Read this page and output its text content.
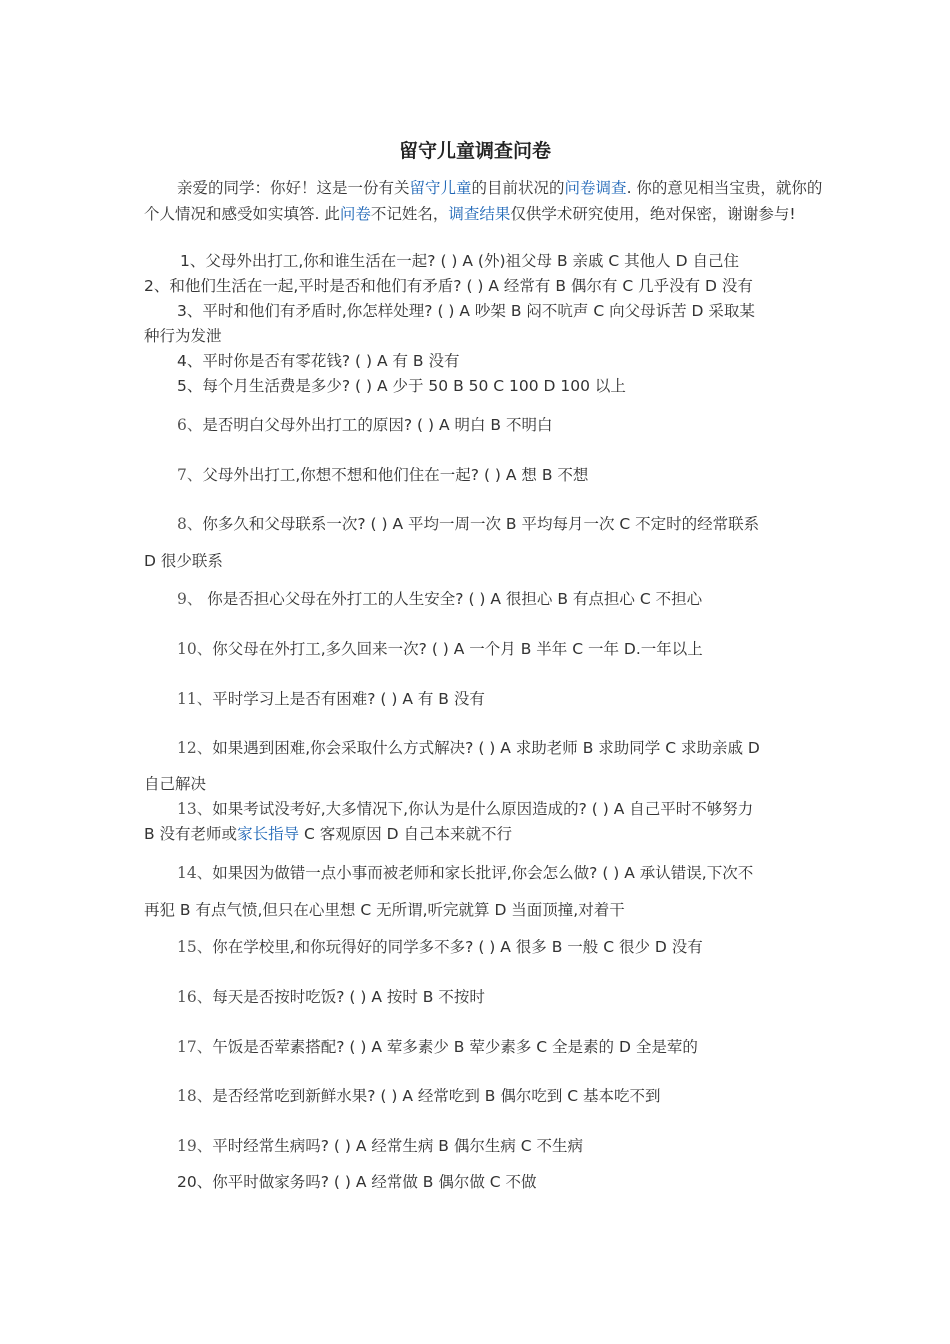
留守儿童调查问卷
亲爱的同学：你好！这是一份有关留守儿童的目前状况的问卷调查. 你的意见相当宝贵，就你的个人情况和感受如实填答. 此问卷不记姓名，调查结果仅供学术研究使用，绝对保密，谢谢参与!
1、父母外出打工,你和谁生活在一起? ( ) A (外)祖父母 B 亲戚 C 其他人 D 自己住
2、和他们生活在一起,平时是否和他们有矛盾? ( ) A 经常有 B 偶尔有 C 几乎没有 D 没有
3、平时和他们有矛盾时,你怎样处理? ( ) A 吵架 B 闷不吭声 C 向父母诉苦 D 采取某
种行为发泄
4、平时你是否有零花钱? ( ) A 有 B 没有
5、每个月生活费是多少? ( ) A 少于 50 B 50 C 100 D 100 以上
6、是否明白父母外出打工的原因? ( ) A 明白 B 不明白
7、父母外出打工,你想不想和他们住在一起? ( ) A 想 B 不想
8、你多久和父母联系一次? ( ) A 平均一周一次 B 平均每月一次 C 不定时的经常联系
D 很少联系
9、 你是否担心父母在外打工的人生安全? ( ) A 很担心 B 有点担心 C 不担心
10、你父母在外打工,多久回来一次? ( ) A 一个月 B 半年 C 一年 D.一年以上
11、平时学习上是否有困难? ( ) A 有 B 没有
12、如果遇到困难,你会采取什么方式解决? ( ) A 求助老师 B 求助同学 C 求助亲戚 D
自己解决
13、如果考试没考好,大多情况下,你认为是什么原因造成的? ( ) A 自己平时不够努力
B 没有老师或家长指导 C 客观原因 D 自己本来就不行
14、如果因为做错一点小事而被老师和家长批评,你会怎么做? ( ) A 承认错误,下次不
再犯 B 有点气愤,但只在心里想 C 无所谓,听完就算 D 当面顶撞,对着干
15、你在学校里,和你玩得好的同学多不多? ( ) A 很多 B 一般 C 很少 D 没有
16、每天是否按时吃饭? ( ) A 按时 B 不按时
17、午饭是否荤素搭配? ( ) A 荤多素少 B 荤少素多 C 全是素的 D 全是荤的
18、是否经常吃到新鲜水果? ( ) A 经常吃到 B 偶尔吃到 C 基本吃不到
19、平时经常生病吗? ( ) A 经常生病 B 偶尔生病 C 不生病
20、你平时做家务吗? ( ) A 经常做 B 偶尔做 C 不做
